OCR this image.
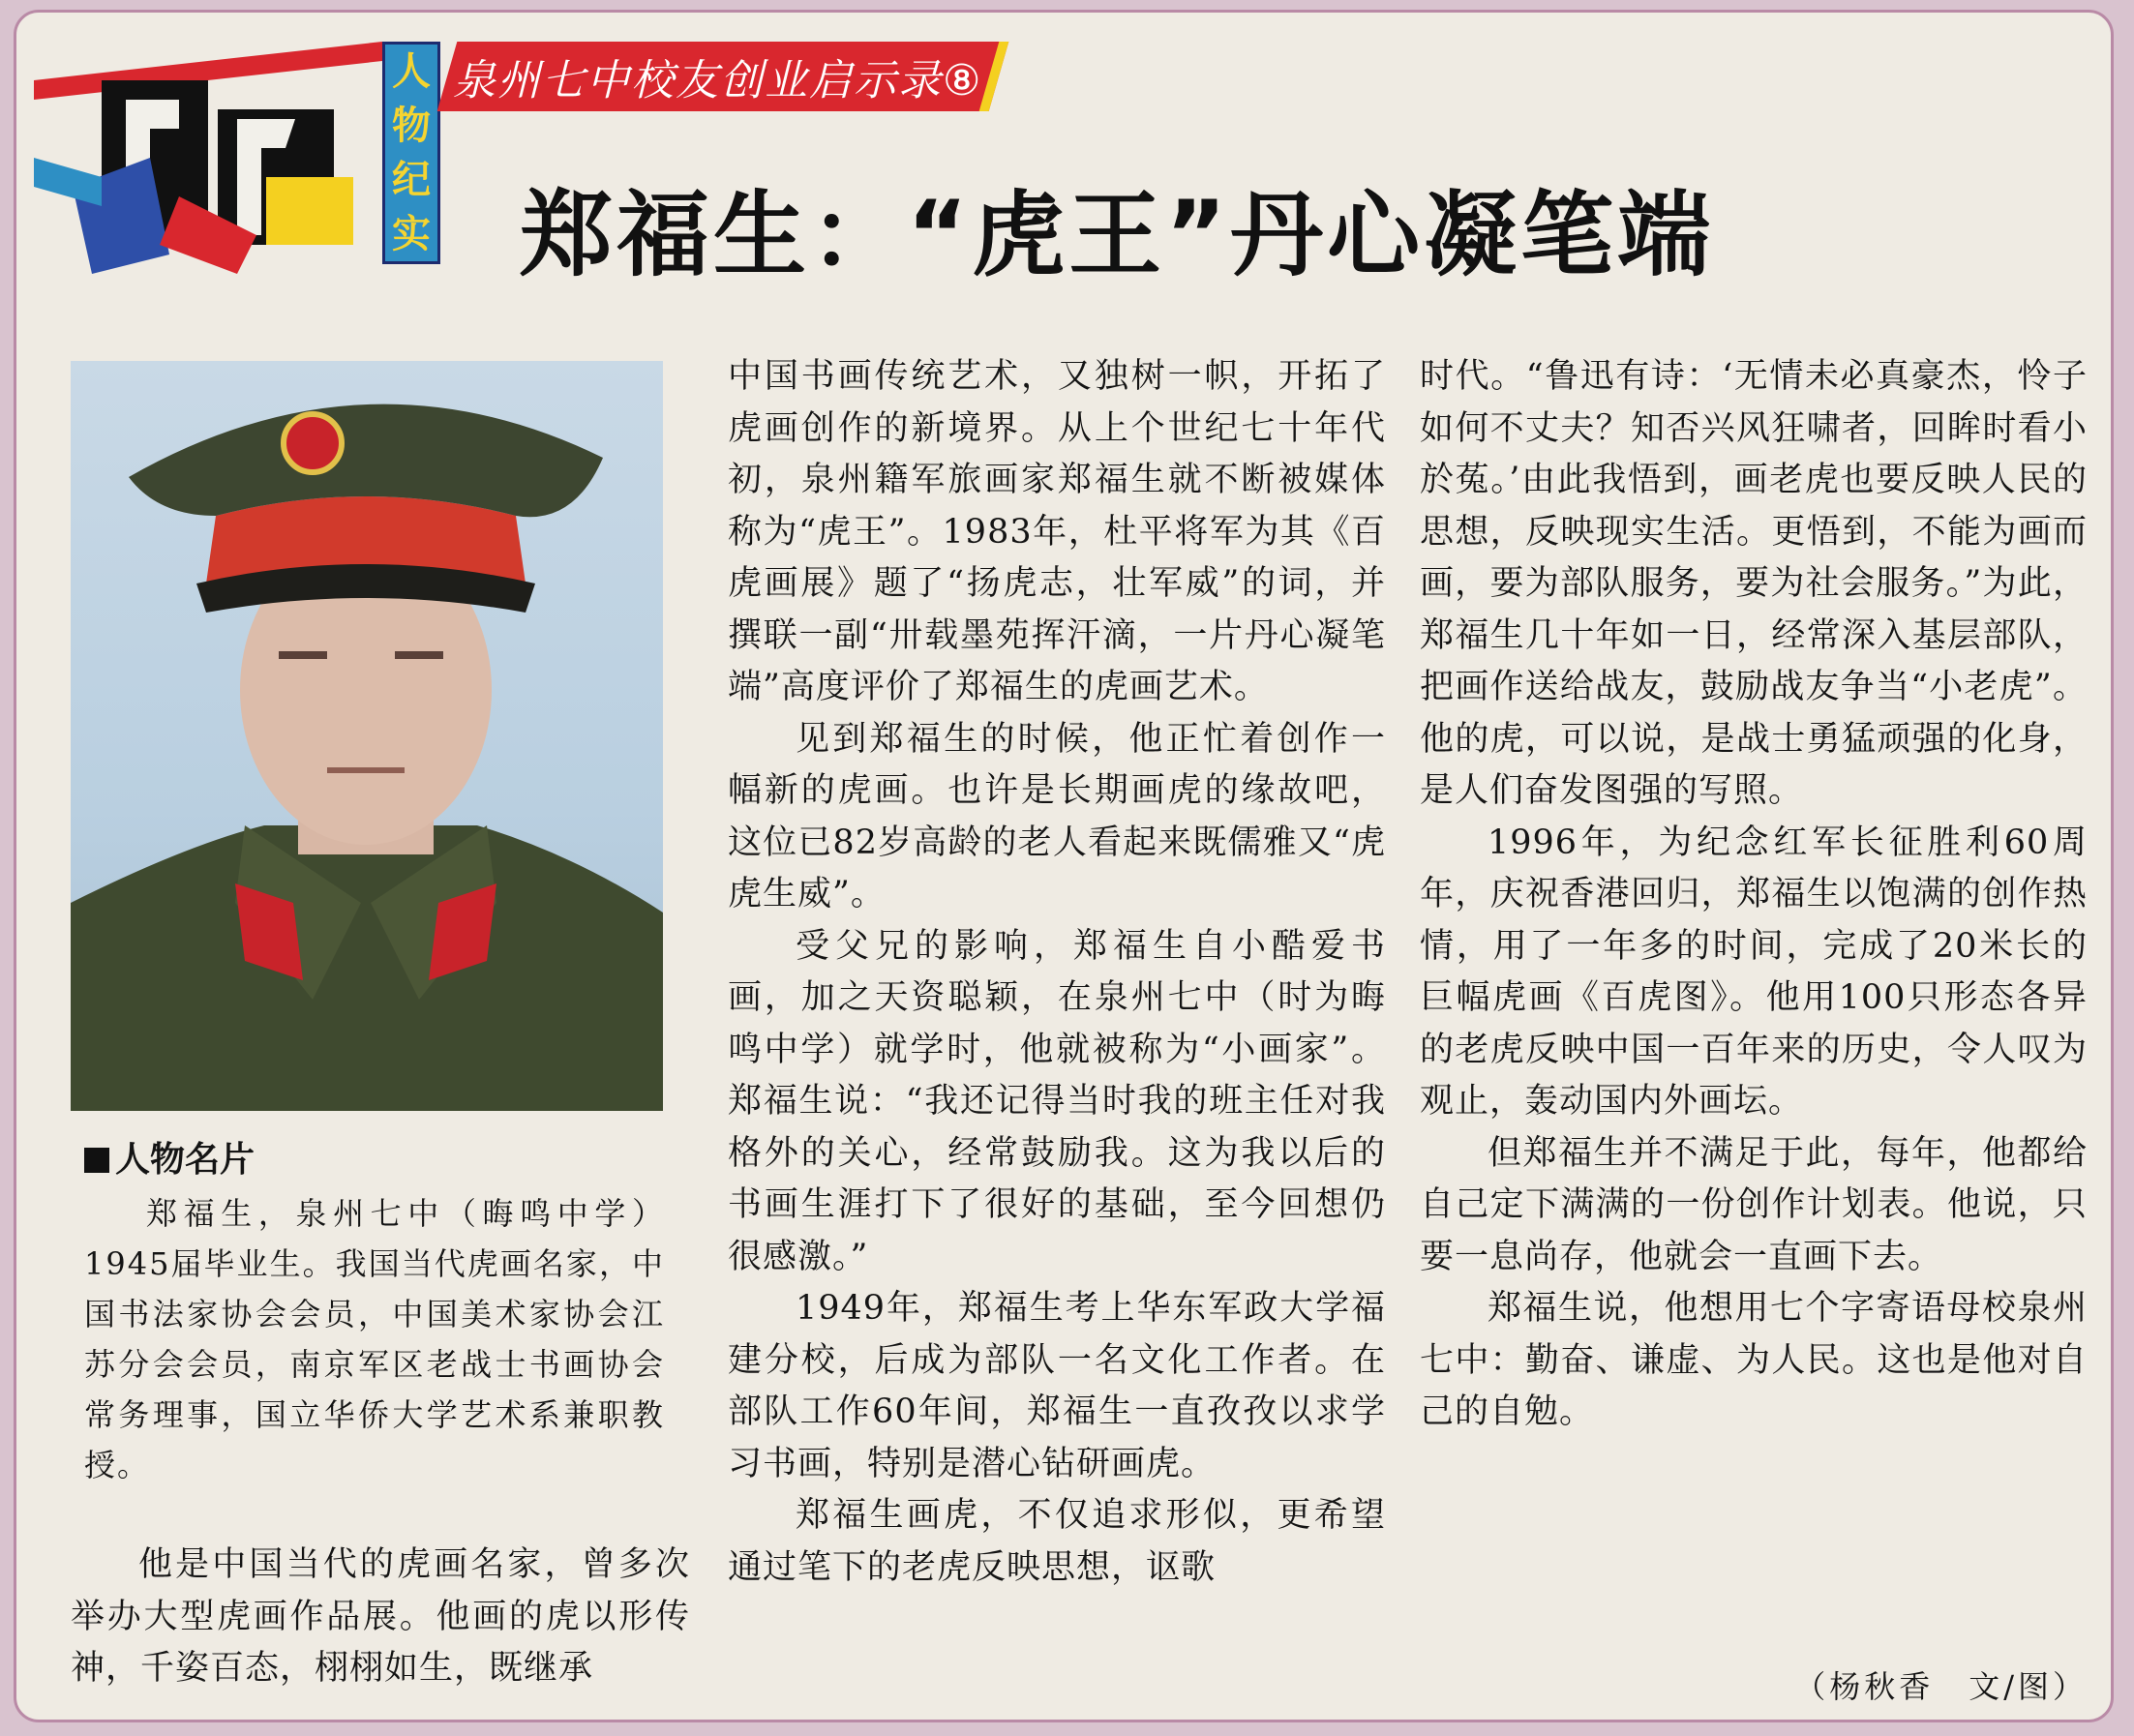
人
物
纪
实
泉州七中校友创业启示录⑧
郑福生：“虎王”丹心凝笔端
人物名片

郑福生，泉州七中（晦鸣中学）1945届毕业生。我国当代虎画名家，中国书法家协会会员，中国美术家协会江苏分会会员，南京军区老战士书画协会常务理事，国立华侨大学艺术系兼职教授。

他是中国当代的虎画名家，曾多次举办大型虎画作品展。他画的虎以形传神，千姿百态，栩栩如生，既继承

中国书画传统艺术，又独树一帜，开拓了虎画创作的新境界。从上个世纪七十年代初，泉州籍军旅画家郑福生就不断被媒体称为“虎王”。1983年，杜平将军为其《百虎画展》题了“扬虎志，壮军威”的词，并撰联一副“卅载墨苑挥汗滴，一片丹心凝笔端”高度评价了郑福生的虎画艺术。

见到郑福生的时候，他正忙着创作一幅新的虎画。也许是长期画虎的缘故吧，这位已82岁高龄的老人看起来既儒雅又“虎虎生威”。

受父兄的影响，郑福生自小酷爱书画，加之天资聪颖，在泉州七中（时为晦鸣中学）就学时，他就被称为“小画家”。郑福生说：“我还记得当时我的班主任对我格外的关心，经常鼓励我。这为我以后的书画生涯打下了很好的基础，至今回想仍很感激。”

1949年，郑福生考上华东军政大学福建分校，后成为部队一名文化工作者。在部队工作60年间，郑福生一直孜孜以求学习书画，特别是潜心钻研画虎。

郑福生画虎，不仅追求形似，更希望通过笔下的老虎反映思想，讴歌

时代。“鲁迅有诗：‘无情未必真豪杰，怜子如何不丈夫？知否兴风狂啸者，回眸时看小於菟。’由此我悟到，画老虎也要反映人民的思想，反映现实生活。更悟到，不能为画而画，要为部队服务，要为社会服务。”为此，郑福生几十年如一日，经常深入基层部队，把画作送给战友，鼓励战友争当“小老虎”。他的虎，可以说，是战士勇猛顽强的化身，是人们奋发图强的写照。

1996年，为纪念红军长征胜利60周年，庆祝香港回归，郑福生以饱满的创作热情，用了一年多的时间，完成了20米长的巨幅虎画《百虎图》。他用100只形态各异的老虎反映中国一百年来的历史，令人叹为观止，轰动国内外画坛。

但郑福生并不满足于此，每年，他都给自己定下满满的一份创作计划表。他说，只要一息尚存，他就会一直画下去。

郑福生说，他想用七个字寄语母校泉州七中：勤奋、谦虚、为人民。这也是他对自己的自勉。

（杨秋香　文/图）
